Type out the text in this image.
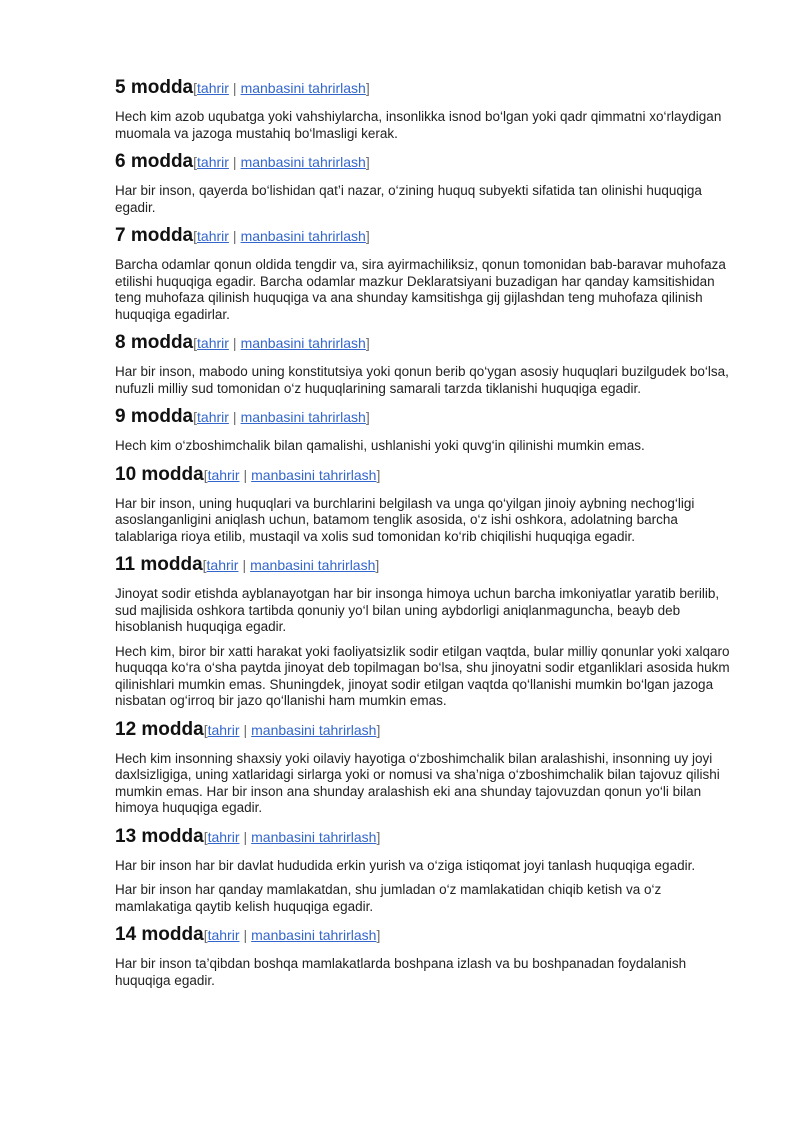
5 modda[tahrir | manbasini tahrirlash]

Hech kim azob uqubatga yoki vahshiylarcha, insonlikka isnod bo‘lgan yoki qadr qimmatni xo‘rlaydigan muomala va jazoga mustahiq bo‘lmasligi kerak.

6 modda[tahrir | manbasini tahrirlash]

Har bir inson, qayerda bo‘lishidan qat’i nazar, o‘zining huquq subyekti sifatida tan olinishi huquqiga egadir.

7 modda[tahrir | manbasini tahrirlash]

Barcha odamlar qonun oldida tengdir va, sira ayirmachiliksiz, qonun tomonidan bab-baravar muhofaza etilishi huquqiga egadir. Barcha odamlar mazkur Deklaratsiyani buzadigan har qanday kamsitishidan teng muhofaza qilinish huquqiga va ana shunday kamsitishga gij gijlashdan teng muhofaza qilinish huquqiga egadirlar.

8 modda[tahrir | manbasini tahrirlash]

Har bir inson, mabodo uning konstitutsiya yoki qonun berib qo‘ygan asosiy huquqlari buzilgudek bo‘lsa, nufuzli milliy sud tomonidan o‘z huquqlarining samarali tarzda tiklanishi huquqiga egadir.

9 modda[tahrir | manbasini tahrirlash]

Hech kim o‘zboshimchalik bilan qamalishi, ushlanishi yoki quvg‘in qilinishi mumkin emas.

10 modda[tahrir | manbasini tahrirlash]

Har bir inson, uning huquqlari va burchlarini belgilash va unga qo‘yilgan jinoiy aybning nechog‘ligi asoslanganligini aniqlash uchun, batamom tenglik asosida, o‘z ishi oshkora, adolatning barcha talablariga rioya etilib, mustaqil va xolis sud tomonidan ko‘rib chiqilishi huquqiga egadir.

11 modda[tahrir | manbasini tahrirlash]

Jinoyat sodir etishda ayblanayotgan har bir insonga himoya uchun barcha imkoniyatlar yaratib berilib, sud majlisida oshkora tartibda qonuniy yo‘l bilan uning aybdorligi aniqlanmaguncha, beayb deb hisoblanish huquqiga egadir.

Hech kim, biror bir xatti harakat yoki faoliyatsizlik sodir etilgan vaqtda, bular milliy qonunlar yoki xalqaro huquqqa ko‘ra o‘sha paytda jinoyat deb topilmagan bo‘lsa, shu jinoyatni sodir etganliklari asosida hukm qilinishlari mumkin emas. Shuningdek, jinoyat sodir etilgan vaqtda qo‘llanishi mumkin bo‘lgan jazoga nisbatan og‘irroq bir jazo qo‘llanishi ham mumkin emas.

12 modda[tahrir | manbasini tahrirlash]

Hech kim insonning shaxsiy yoki oilaviy hayotiga o‘zboshimchalik bilan aralashishi, insonning uy joyi daxlsizligiga, uning xatlaridagi sirlarga yoki or nomusi va sha’niga o‘zboshimchalik bilan tajovuz qilishi mumkin emas. Har bir inson ana shunday aralashish eki ana shunday tajovuzdan qonun yo‘li bilan himoya huquqiga egadir.

13 modda[tahrir | manbasini tahrirlash]

Har bir inson har bir davlat hududida erkin yurish va o‘ziga istiqomat joyi tanlash huquqiga egadir.

Har bir inson har qanday mamlakatdan, shu jumladan o‘z mamlakatidan chiqib ketish va o‘z mamlakatiga qaytib kelish huquqiga egadir.

14 modda[tahrir | manbasini tahrirlash]

Har bir inson ta’qibdan boshqa mamlakatlarda boshpana izlash va bu boshpanadan foydalanish huquqiga egadir.
